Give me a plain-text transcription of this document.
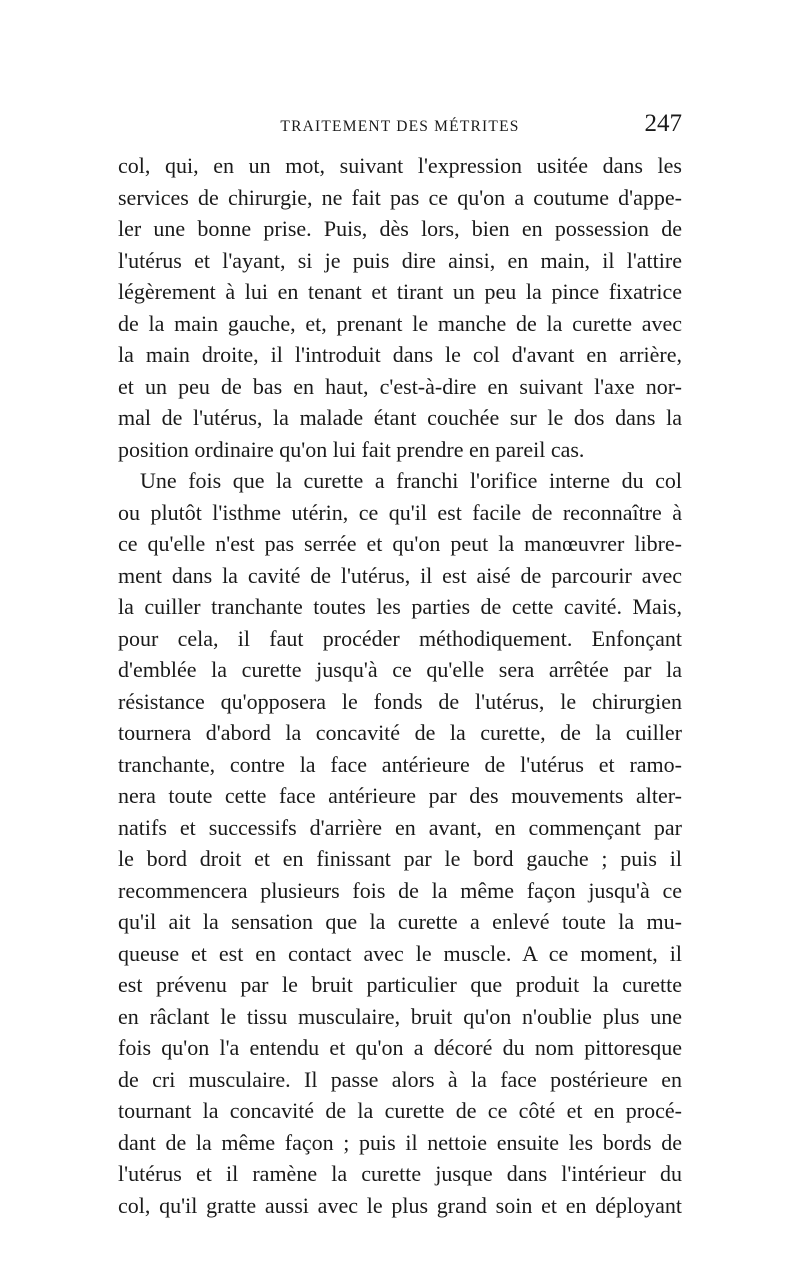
TRAITEMENT DES MÉTRITES	247
col, qui, en un mot, suivant l'expression usitée dans les
services de chirurgie, ne fait pas ce qu'on a coutume d'appe-
ler une bonne prise. Puis, dès lors, bien en possession de
l'utérus et l'ayant, si je puis dire ainsi, en main, il l'attire
légèrement à lui en tenant et tirant un peu la pince fixatrice
de la main gauche, et, prenant le manche de la curette avec
la main droite, il l'introduit dans le col d'avant en arrière,
et un peu de bas en haut, c'est-à-dire en suivant l'axe nor-
mal de l'utérus, la malade étant couchée sur le dos dans la
position ordinaire qu'on lui fait prendre en pareil cas.
Une fois que la curette a franchi l'orifice interne du col
ou plutôt l'isthme utérin, ce qu'il est facile de reconnaître à
ce qu'elle n'est pas serrée et qu'on peut la manœuvrer libre-
ment dans la cavité de l'utérus, il est aisé de parcourir avec
la cuiller tranchante toutes les parties de cette cavité. Mais,
pour cela, il faut procéder méthodiquement. Enfonçant
d'emblée la curette jusqu'à ce qu'elle sera arrêtée par la
résistance qu'opposera le fonds de l'utérus, le chirurgien
tournera d'abord la concavité de la curette, de la cuiller
tranchante, contre la face antérieure de l'utérus et ramo-
nera toute cette face antérieure par des mouvements alter-
natifs et successifs d'arrière en avant, en commençant par
le bord droit et en finissant par le bord gauche ; puis il
recommencera plusieurs fois de la même façon jusqu'à ce
qu'il ait la sensation que la curette a enlevé toute la mu-
queuse et est en contact avec le muscle. A ce moment, il
est prévenu par le bruit particulier que produit la curette
en râclant le tissu musculaire, bruit qu'on n'oublie plus une
fois qu'on l'a entendu et qu'on a décoré du nom pittoresque
de cri musculaire. Il passe alors à la face postérieure en
tournant la concavité de la curette de ce côté et en procé-
dant de la même façon ; puis il nettoie ensuite les bords de
l'utérus et il ramène la curette jusque dans l'intérieur du
col, qu'il gratte aussi avec le plus grand soin et en déployant
